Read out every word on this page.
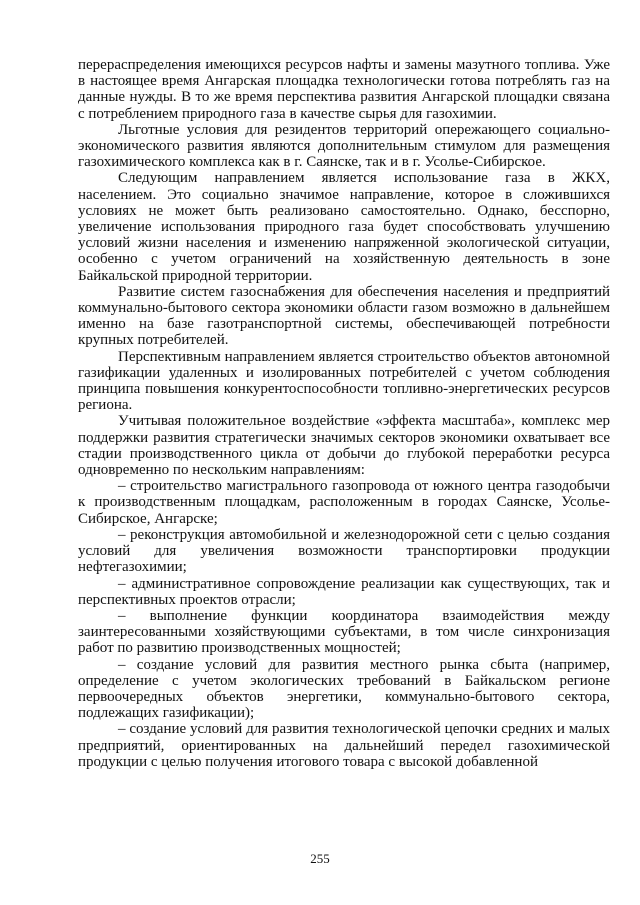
перераспределения имеющихся ресурсов нафты и замены мазутного топлива. Уже в настоящее время Ангарская площадка технологически готова потреблять газ на данные нужды. В то же время перспектива развития Ангарской площадки связана с потреблением природного газа в качестве сырья для газохимии.

Льготные условия для резидентов территорий опережающего социально-экономического развития являются дополнительным стимулом для размещения газохимического комплекса как в г. Саянске, так и в г. Усолье-Сибирское.

Следующим направлением является использование газа в ЖКХ, населением. Это социально значимое направление, которое в сложившихся условиях не может быть реализовано самостоятельно. Однако, бесспорно, увеличение использования природного газа будет способствовать улучшению условий жизни населения и изменению напряженной экологической ситуации, особенно с учетом ограничений на хозяйственную деятельность в зоне Байкальской природной территории.

Развитие систем газоснабжения для обеспечения населения и предприятий коммунально-бытового сектора экономики области газом возможно в дальнейшем именно на базе газотранспортной системы, обеспечивающей потребности крупных потребителей.

Перспективным направлением является строительство объектов автономной газификации удаленных и изолированных потребителей с учетом соблюдения принципа повышения конкурентоспособности топливно-энергетических ресурсов региона.

Учитывая положительное воздействие «эффекта масштаба», комплекс мер поддержки развития стратегически значимых секторов экономики охватывает все стадии производственного цикла от добычи до глубокой переработки ресурса одновременно по нескольким направлениям:

– строительство магистрального газопровода от южного центра газодобычи к производственным площадкам, расположенным в городах Саянске, Усолье-Сибирское, Ангарске;

– реконструкция автомобильной и железнодорожной сети с целью создания условий для увеличения возможности транспортировки продукции нефтегазохимии;

– административное сопровождение реализации как существующих, так и перспективных проектов отрасли;

– выполнение функции координатора взаимодействия между заинтересованными хозяйствующими субъектами, в том числе синхронизация работ по развитию производственных мощностей;

– создание условий для развития местного рынка сбыта (например, определение с учетом экологических требований в Байкальском регионе первоочередных объектов энергетики, коммунально-бытового сектора, подлежащих газификации);

– создание условий для развития технологической цепочки средних и малых предприятий, ориентированных на дальнейший передел газохимической продукции с целью получения итогового товара с высокой добавленной

255
